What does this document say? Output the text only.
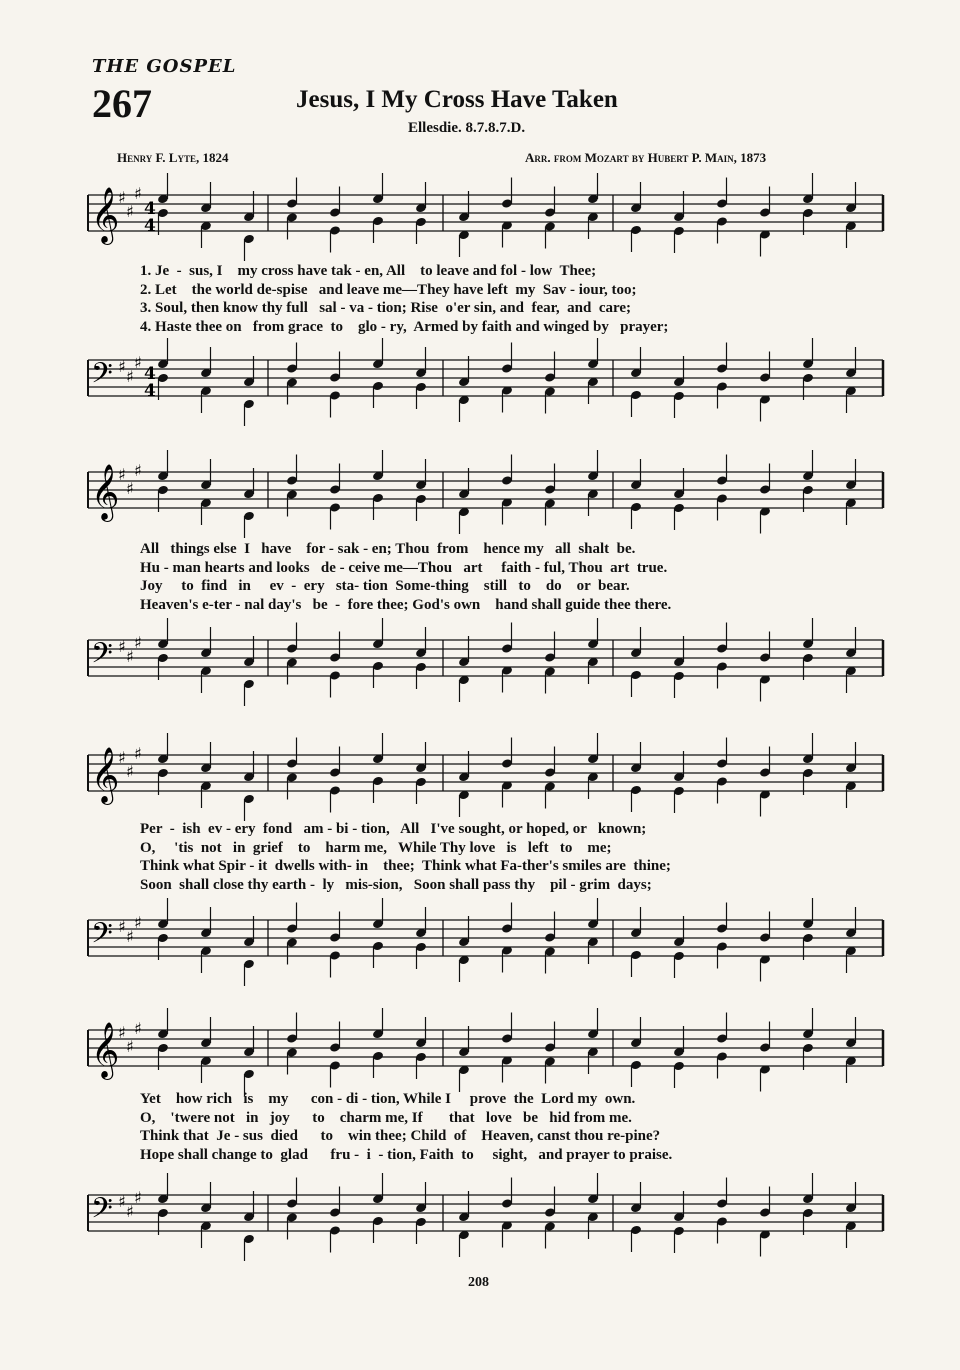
THE GOSPEL
267	Jesus, I My Cross Have Taken
Ellesdie. 8.7.8.7.D.
Henry F. Lyte, 1824	Arr. from Mozart by Hubert P. Main, 1873
𝄞
♯
♯
♯
4
4
1. Je  -  sus, I    my cross have tak - en, All    to leave and fol - low  Thee;
2. Let    the world de-spise   and leave me—They have left  my  Sav - iour, too;
3. Soul, then know thy full   sal - va - tion; Rise  o'er sin, and  fear,  and  care;
4. Haste thee on   from grace  to    glo - ry,  Armed by faith and winged by   prayer;
𝄢 ♯
♯
♯
4
4
𝄞
♯
♯
♯
All   things else  I   have    for - sak - en; Thou  from    hence my   all  shalt  be.
Hu - man hearts and looks   de - ceive me—Thou   art     faith - ful, Thou  art  true.
Joy     to  find   in     ev  -  ery   sta- tion  Some-thing    still   to    do    or  bear.
Heaven's e-ter - nal day's   be  -  fore thee; God's own    hand shall guide thee there.
𝄢 ♯
♯
♯
𝄞
♯
♯
♯
Per  -  ish  ev - ery  fond   am - bi - tion,   All   I've sought, or hoped, or   known;
O,     'tis  not   in  grief    to    harm me,   While Thy love   is   left   to    me;
Think what Spir - it  dwells with- in    thee;  Think what Fa-ther's smiles are  thine;
Soon  shall close thy earth -  ly   mis-sion,   Soon shall pass thy    pil - grim  days;
𝄢 ♯
♯
♯
𝄞
♯
♯
♯
Yet    how rich   is    my      con - di - tion, While I     prove  the  Lord my  own.
O,    'twere not   in   joy      to    charm me, If       that   love   be   hid from me.
Think that  Je - sus  died      to    win thee; Child  of    Heaven, canst thou re-pine?
Hope shall change to  glad      fru -  i  - tion, Faith  to     sight,   and prayer to praise.
𝄢 ♯
♯
♯
208
